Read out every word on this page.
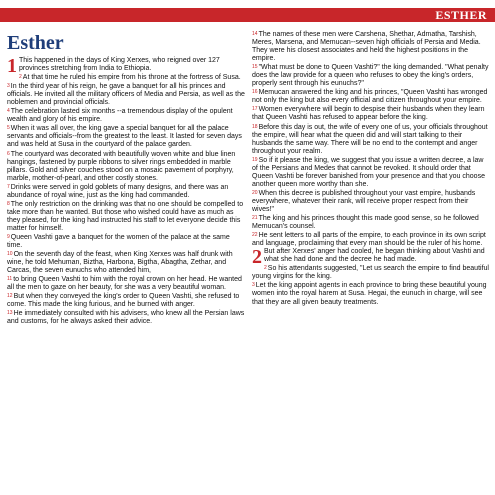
ESTHER
Esther
1 This happened in the days of King Xerxes, who reigned over 127 provinces stretching from India to Ethiopia.
2At that time he ruled his empire from his throne at the fortress of Susa.
3In the third year of his reign, he gave a banquet for all his princes and officials. He invited all the military officers of Media and Persia, as well as the noblemen and provincial officials.
4The celebration lasted six months --a tremendous display of the opulent wealth and glory of his empire.
5When it was all over, the king gave a special banquet for all the palace servants and officials--from the greatest to the least. It lasted for seven days and was held at Susa in the courtyard of the palace garden.
6The courtyard was decorated with beautifully woven white and blue linen hangings, fastened by purple ribbons to silver rings embedded in marble pillars. Gold and silver couches stood on a mosaic pavement of porphyry, marble, mother-of-pearl, and other costly stones.
7Drinks were served in gold goblets of many designs, and there was an abundance of royal wine, just as the king had commanded.
8The only restriction on the drinking was that no one should be compelled to take more than he wanted. But those who wished could have as much as they pleased, for the king had instructed his staff to let everyone decide this matter for himself.
9Queen Vashti gave a banquet for the women of the palace at the same time.
10On the seventh day of the feast, when King Xerxes was half drunk with wine, he told Mehuman, Biztha, Harbona, Bigtha, Abagtha, Zethar, and Carcas, the seven eunuchs who attended him,
11to bring Queen Vashti to him with the royal crown on her head. He wanted all the men to gaze on her beauty, for she was a very beautiful woman.
12But when they conveyed the king's order to Queen Vashti, she refused to come. This made the king furious, and he burned with anger.
13He immediately consulted with his advisers, who knew all the Persian laws and customs, for he always asked their advice.
14The names of these men were Carshena, Shethar, Admatha, Tarshish, Meres, Marsena, and Memucan--seven high officials of Persia and Media. They were his closest associates and held the highest positions in the empire.
15"What must be done to Queen Vashti?" the king demanded. "What penalty does the law provide for a queen who refuses to obey the king's orders, properly sent through his eunuchs?"
16Memucan answered the king and his princes, "Queen Vashti has wronged not only the king but also every official and citizen throughout your empire.
17Women everywhere will begin to despise their husbands when they learn that Queen Vashti has refused to appear before the king.
18Before this day is out, the wife of every one of us, your officials throughout the empire, will hear what the queen did and will start talking to their husbands the same way. There will be no end to the contempt and anger throughout your realm.
19So if it please the king, we suggest that you issue a written decree, a law of the Persians and Medes that cannot be revoked. It should order that Queen Vashti be forever banished from your presence and that you choose another queen more worthy than she.
20When this decree is published throughout your vast empire, husbands everywhere, whatever their rank, will receive proper respect from their wives!"
21The king and his princes thought this made good sense, so he followed Memucan's counsel.
22He sent letters to all parts of the empire, to each province in its own script and language, proclaiming that every man should be the ruler of his home.
2 But after Xerxes' anger had cooled, he began thinking about Vashti and what she had done and the decree he had made.
2So his attendants suggested, "Let us search the empire to find beautiful young virgins for the king.
3Let the king appoint agents in each province to bring these beautiful young women into the royal harem at Susa. Hegai, the eunuch in charge, will see that they are all given beauty treatments.
